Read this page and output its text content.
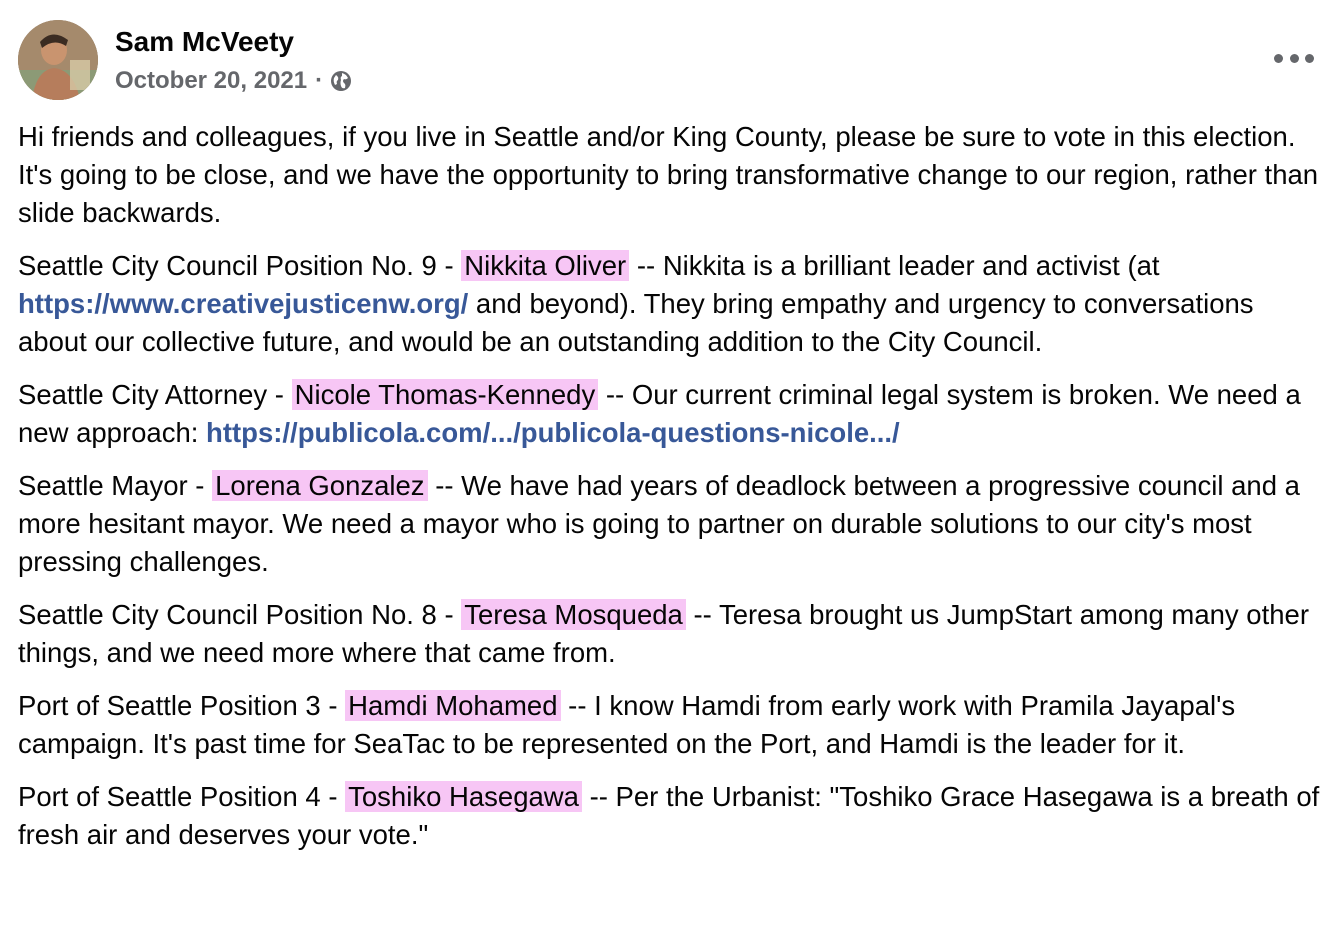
Sam McVeety
October 20, 2021 ·

Hi friends and colleagues, if you live in Seattle and/or King County, please be sure to vote in this election. It's going to be close, and we have the opportunity to bring transformative change to our region, rather than slide backwards.

Seattle City Council Position No. 9 - Nikkita Oliver -- Nikkita is a brilliant leader and activist (at https://www.creativejusticenw.org/ and beyond). They bring empathy and urgency to conversations about our collective future, and would be an outstanding addition to the City Council.

Seattle City Attorney - Nicole Thomas-Kennedy -- Our current criminal legal system is broken. We need a new approach: https://publicola.com/.../publicola-questions-nicole.../

Seattle Mayor - Lorena Gonzalez -- We have had years of deadlock between a progressive council and a more hesitant mayor. We need a mayor who is going to partner on durable solutions to our city's most pressing challenges.

Seattle City Council Position No. 8 - Teresa Mosqueda -- Teresa brought us JumpStart among many other things, and we need more where that came from.

Port of Seattle Position 3 - Hamdi Mohamed -- I know Hamdi from early work with Pramila Jayapal's campaign. It's past time for SeaTac to be represented on the Port, and Hamdi is the leader for it.

Port of Seattle Position 4 - Toshiko Hasegawa -- Per the Urbanist: "Toshiko Grace Hasegawa is a breath of fresh air and deserves your vote."
